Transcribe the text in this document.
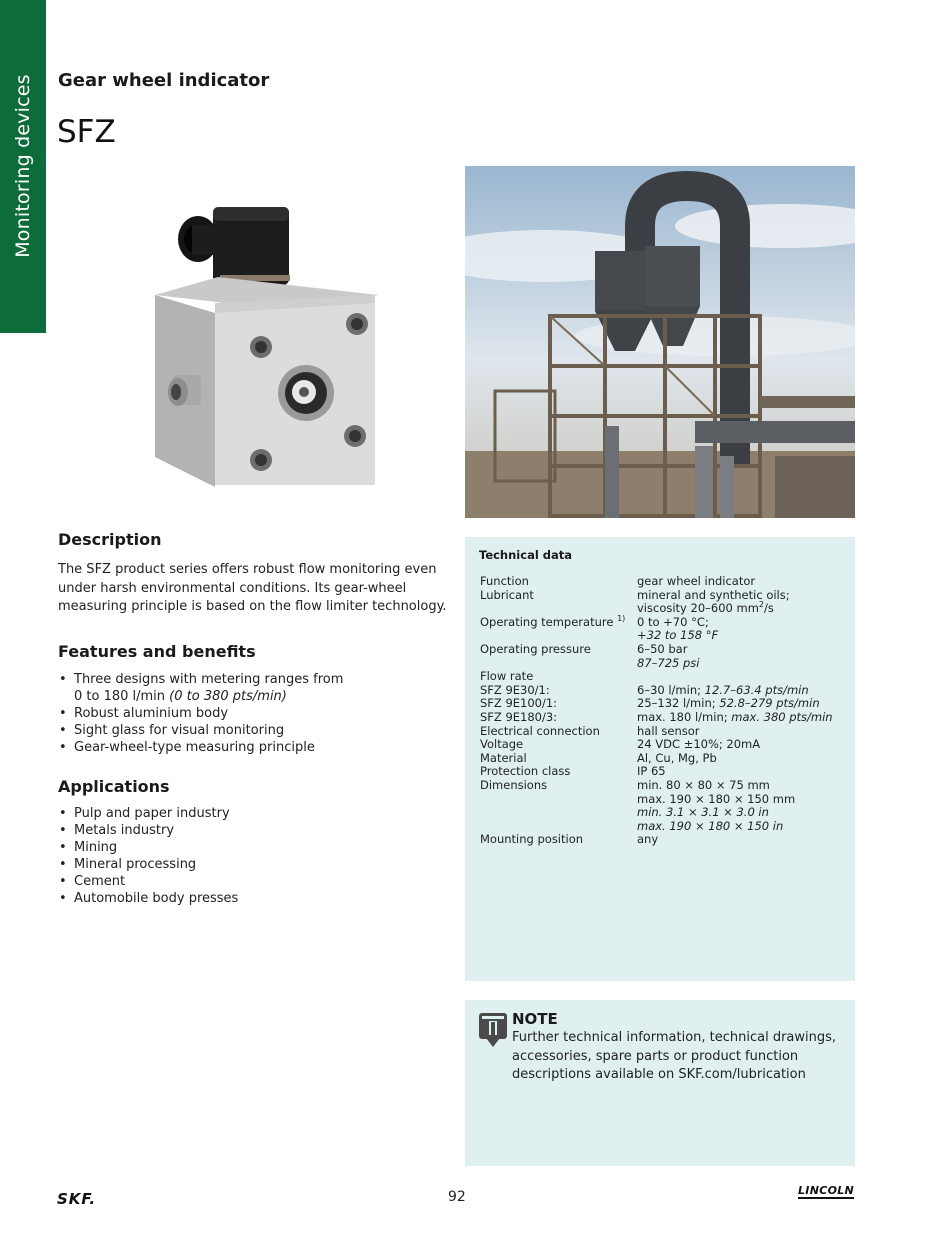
Monitoring devices Gear wheel indicator
SFZ
Description

The SFZ product series offers robust flow monitoring even under harsh environmental conditions. Its gear-wheel measuring principle is based on the flow limiter technology.

Features and benefits
• Three designs with metering ranges from
0 to 180 l/min (0 to 380 pts/min)
• Robust aluminium body
• Sight glass for visual monitoring
• Gear-wheel-type measuring principle
Applications
• Pulp and paper industry
• Metals industry
• Mining
• Mineral processing
• Cement
• Automobile body presses
Technical data
Function	gear wheel indicator
Lubricant	mineral and synthetic oils;
viscosity 20–600 $mm^2/s$
Operating temperature $^{1)}$	0 to +70 °C;
+32 to 158 °F
Operating pressure	6–50 bar
87–725 psi
Flow rate
SFZ 9E30/1:	6–30 l/min; 12.7–63.4 pts/min
SFZ 9E100/1:	25–132 l/min; 52.8–279 pts/min
SFZ 9E180/3:	max. 180 l/min; max. 380 pts/min
Electrical connection	hall sensor
Voltage	24 VDC ±10%; 20mA
Material	Al, Cu, Mg, Pb
Protection class	IP 65
Dimensions	min. 80 × 80 × 75 mm
max. 190 × 180 × 150 mm
min. 3.1 × 3.1 × 3.0 in
max. 190 × 180 × 150 in
Mounting position	any
NOTE

Further technical information, technical drawings, accessories, spare parts or product function descriptions available on SKF.com/lubrication

SKF.	92	LINCOLN
